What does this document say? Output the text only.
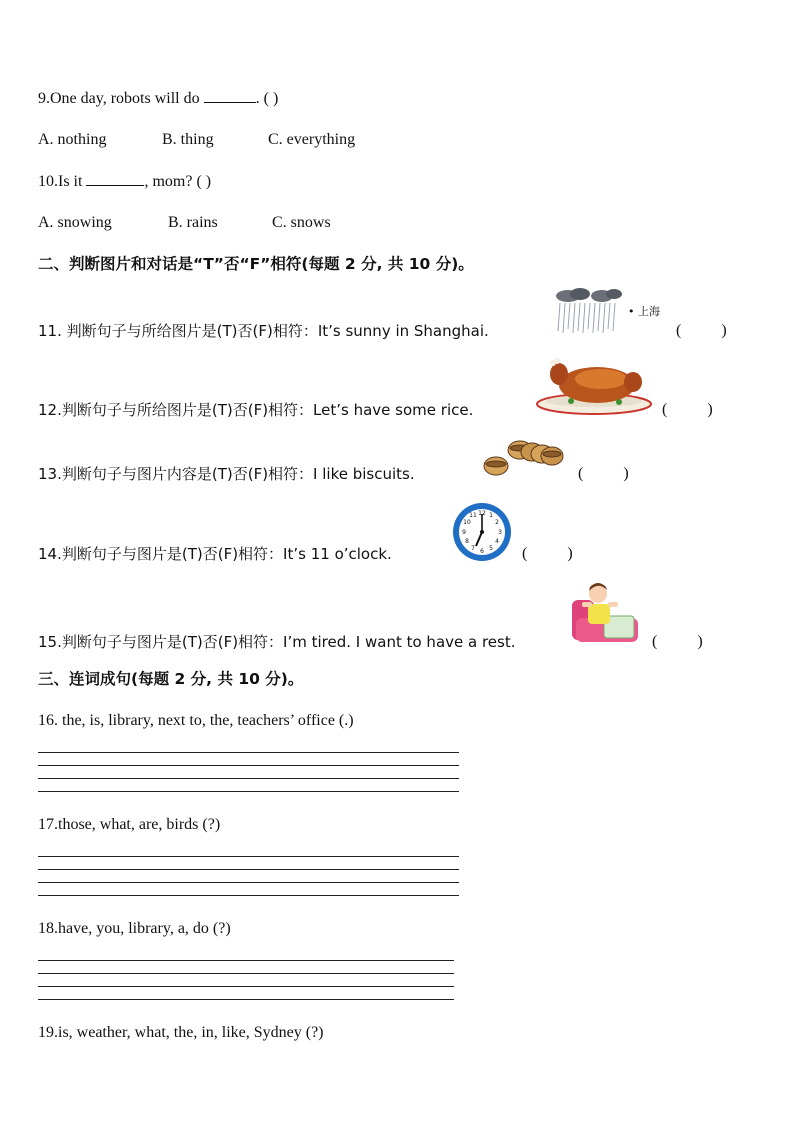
9.One day, robots will do	. ( )
A. nothing	B. thing	C. everything
10.Is it	, mom? ( )
A. snowing	B. rains	C. snows
二、判断图片和对话是“T”否“F”相符(每题 2 分, 共 10 分)。
11. 判断句子与所给图片是(T)否(F)相符：It’s sunny in Shanghai.
• 上海
(          )
12.判断句子与所给图片是(T)否(F)相符：Let’s have some rice.	(          )
13.判断句子与图片内容是(T)否(F)相符：I like biscuits.	(          )
14.判断句子与图片是(T)否(F)相符：It’s 11 o’clock.
12 1
2
3
4
5
6
7
8
9
10
11
(          )
15.判断句子与图片是(T)否(F)相符：I’m tired. I want to have a rest.	(          )
三、连词成句(每题 2 分, 共 10 分)。
16. the, is, library, next to, the, teachers’ office (.)
17.those, what, are, birds (?)
18.have, you, library, a, do (?)
19.is, weather, what, the, in, like, Sydney (?)
